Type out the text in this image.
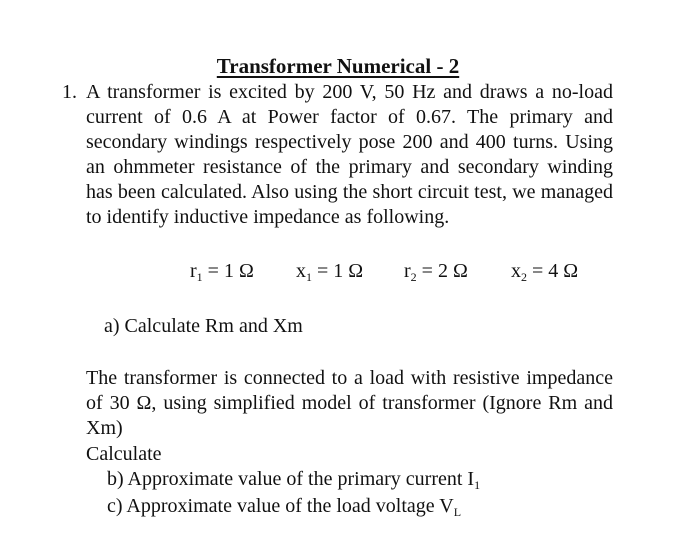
Transformer Numerical - 2
1. A transformer is excited by 200 V, 50 Hz and draws a no-load current of 0.6 A at Power factor of 0.67. The primary and secondary windings respectively pose 200 and 400 turns. Using an ohmmeter resistance of the primary and secondary winding has been calculated. Also using the short circuit test, we managed to identify inductive impedance as following.
$r_1 = 1$ Ω $x_1 = 1$ Ω $r_2 = 2$ Ω $x_2 = 4$ Ω
a) Calculate Rm and Xm
The transformer is connected to a load with resistive impedance of 30 Ω, using simplified model of transformer (Ignore Rm and Xm)
Calculate
b) Approximate value of the primary current $I_1$
c) Approximate value of the load voltage $V_L$
